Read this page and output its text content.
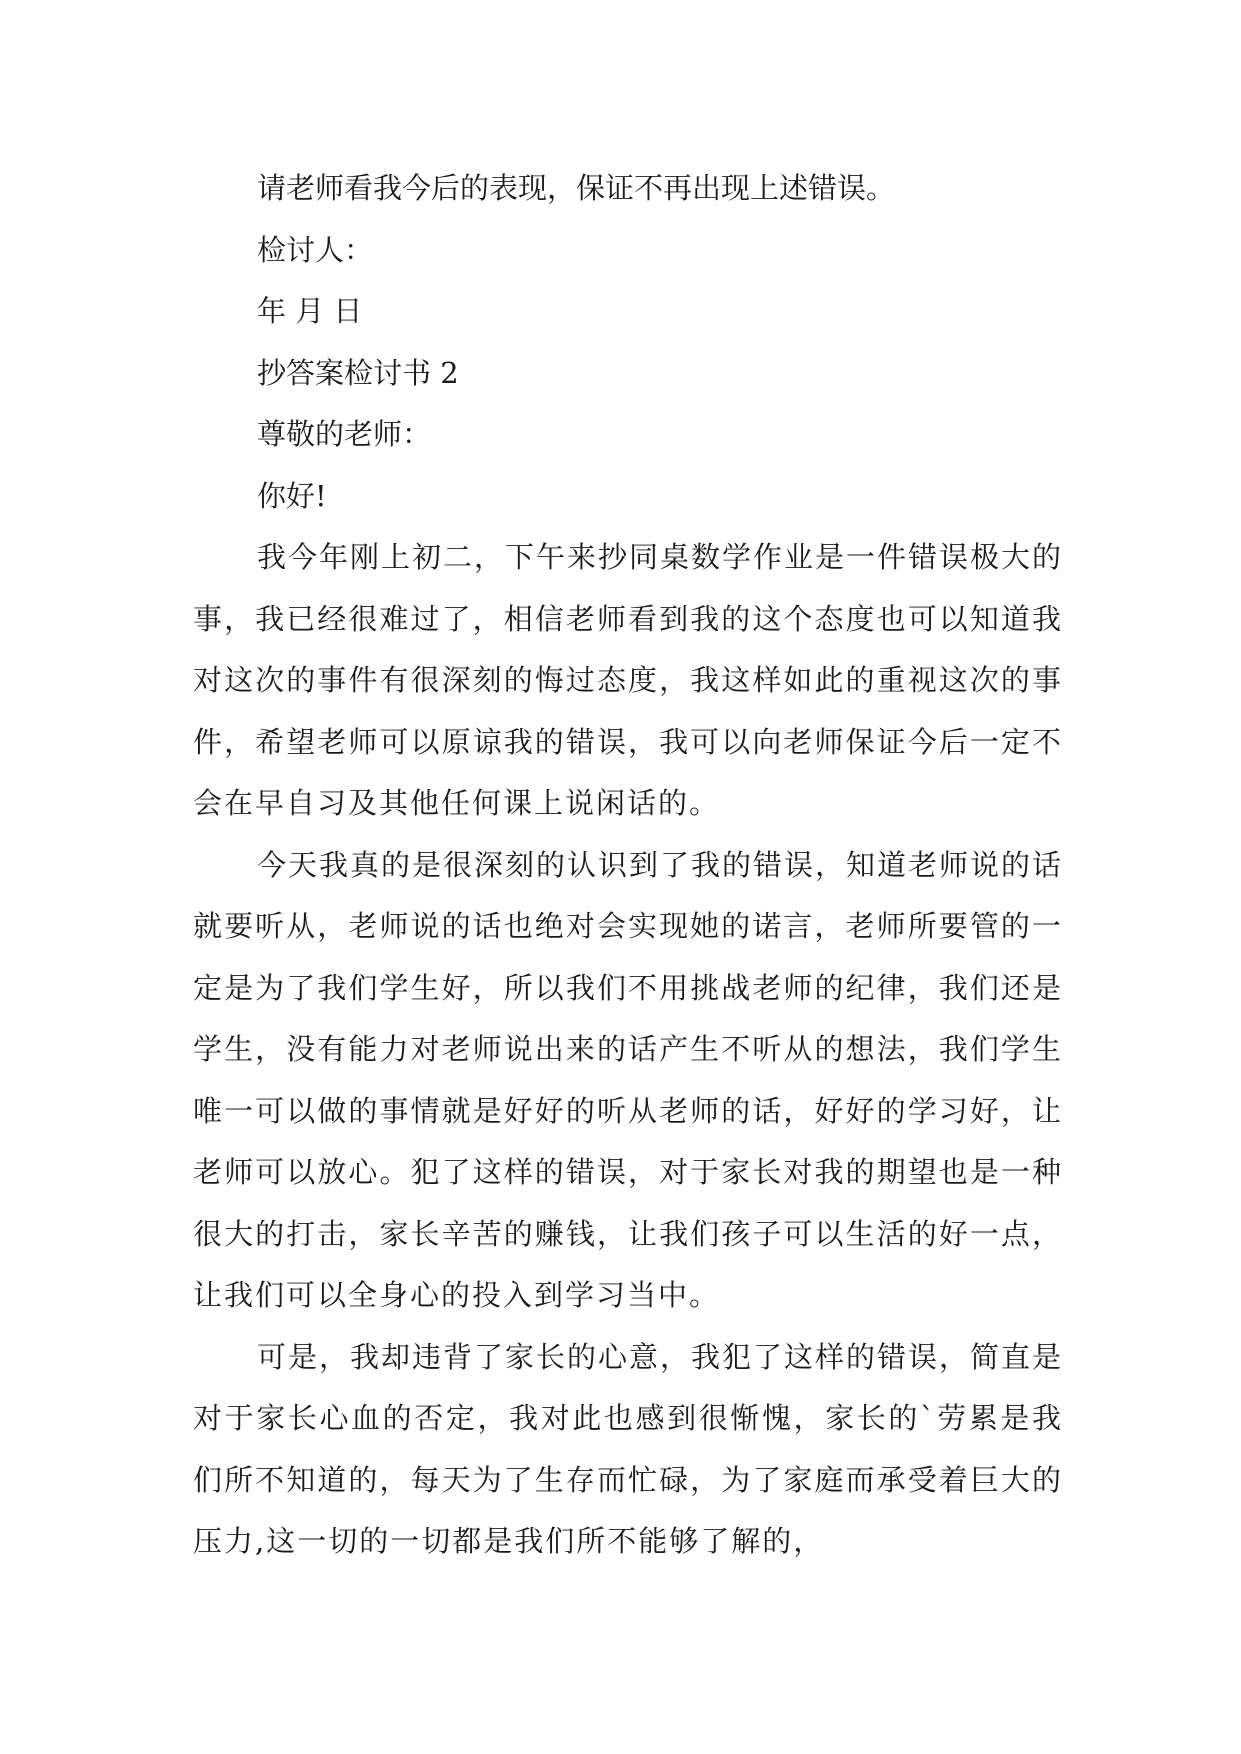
请老师看我今后的表现，保证不再出现上述错误。

检讨人：

年 月 日

抄答案检讨书 2

尊敬的老师：

你好!

我今年刚上初二，下午来抄同桌数学作业是一件错误极大的事，我已经很难过了，相信老师看到我的这个态度也可以知道我对这次的事件有很深刻的悔过态度，我这样如此的重视这次的事件，希望老师可以原谅我的错误，我可以向老师保证今后一定不会在早自习及其他任何课上说闲话的。

今天我真的是很深刻的认识到了我的错误，知道老师说的话就要听从，老师说的话也绝对会实现她的诺言，老师所要管的一定是为了我们学生好，所以我们不用挑战老师的纪律，我们还是学生，没有能力对老师说出来的话产生不听从的想法，我们学生唯一可以做的事情就是好好的听从老师的话，好好的学习好，让老师可以放心。犯了这样的错误，对于家长对我的期望也是一种很大的打击，家长辛苦的赚钱，让我们孩子可以生活的好一点，让我们可以全身心的投入到学习当中。

可是，我却违背了家长的心意，我犯了这样的错误，简直是对于家长心血的否定，我对此也感到很惭愧，家长的`劳累是我们所不知道的，每天为了生存而忙碌，为了家庭而承受着巨大的压力,这一切的一切都是我们所不能够了解的，
